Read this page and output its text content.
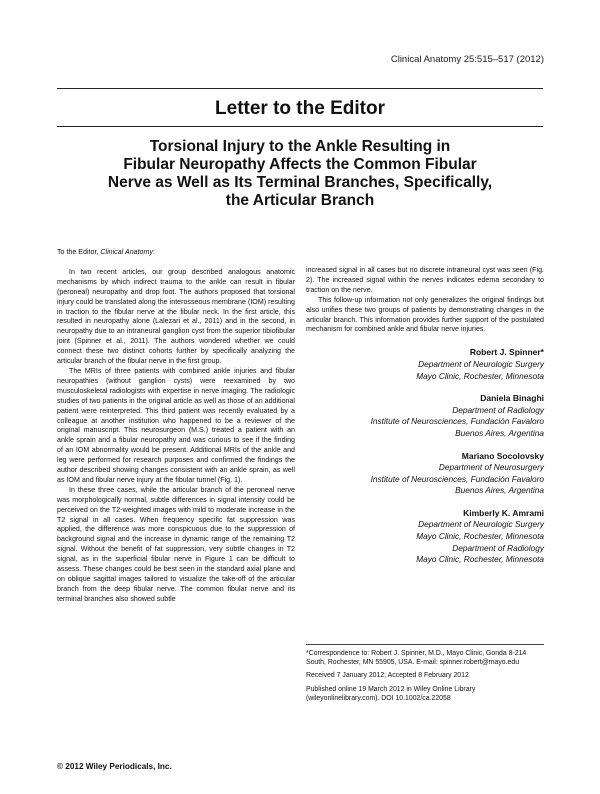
Clinical Anatomy 25:515–517 (2012)
Letter to the Editor
Torsional Injury to the Ankle Resulting in
Fibular Neuropathy Affects the Common Fibular
Nerve as Well as Its Terminal Branches, Specifically,
the Articular Branch

To the Editor, Clinical Anatomy:

In two recent articles, our group described analogous anatomic mechanisms by which indirect trauma to the ankle can result in fibular (peroneal) neuropathy and drop foot. The authors proposed that torsional injury could be translated along the interosseous membrane (IOM) resulting in traction to the fibular nerve at the fibular neck. In the first article, this resulted in neuropathy alone (Lalezari et al., 2011) and in the second, in neuropathy due to an intraneural ganglion cyst from the superior tibiofibular joint (Spinner et al., 2011). The authors wondered whether we could connect these two distinct cohorts further by specifically analyzing the articular branch of the fibular nerve in the first group.

The MRIs of three patients with combined ankle injuries and fibular neuropathies (without ganglion cysts) were reexamined by two musculoskeletal radiologists with expertise in nerve imaging. The radiologic studies of two patients in the original article as well as those of an additional patient were reinterpreted. This third patient was recently evaluated by a colleague at another institution who happened to be a reviewer of the original manuscript. This neurosurgeon (M.S.) treated a patient with an ankle sprain and a fibular neuropathy and was curious to see if the finding of an IOM abnormality would be present. Additional MRIs of the ankle and leg were performed for research purposes and confirmed the findings the author described showing changes consistent with an ankle sprain, as well as IOM and fibular nerve injury at the fibular tunnel (Fig. 1).

In these three cases, while the articular branch of the peroneal nerve was morphologically normal, subtle differences in signal intensity could be perceived on the T2-weighted images with mild to moderate increase in the T2 signal in all cases. When frequency specific fat suppression was applied, the difference was more conspicuous due to the suppression of background signal and the increase in dynamic range of the remaining T2 signal. Without the benefit of fat suppression, very subtle changes in T2 signal, as in the superficial fibular nerve in Figure 1 can be difficult to assess. These changes could be best seen in the standard axial plane and on oblique sagittal images tailored to visualize the take-off of the articular branch from the deep fibular nerve. The common fibular nerve and its terminal branches also showed subtle

increased signal in all cases but no discrete intraneural cyst was seen (Fig. 2). The increased signal within the nerves indicates edema secondary to traction on the nerve.

This follow-up information not only generalizes the original findings but also unifies these two groups of patients by demonstrating changes in the articular branch. This information provides further support of the postulated mechanism for combined ankle and fibular nerve injuries.

Robert J. Spinner*
Department of Neurologic Surgery
Mayo Clinic, Rochester, Minnesota
Daniela Binaghi
Department of Radiology
Institute of Neurosciences, Fundación Favaloro
Buenos Aires, Argentina
Mariano Socolovsky
Department of Neurosurgery
Institute of Neurosciences, Fundación Favaloro
Buenos Aires, Argentina
Kimberly K. Amrami
Department of Neurologic Surgery
Mayo Clinic, Rochester, Minnesota
Department of Radiology
Mayo Clinic, Rochester, Minnesota

*Correspondence to: Robert J. Spinner, M.D., Mayo Clinic, Gonda 8-214 South, Rochester, MN 55905, USA. E-mail: spinner.robert@mayo.edu

Received 7 January 2012; Accepted 8 February 2012

Published online 19 March 2012 in Wiley Online Library (wileyonlinelibrary.com). DOI 10.1002/ca.22058

© 2012 Wiley Periodicals, Inc.
